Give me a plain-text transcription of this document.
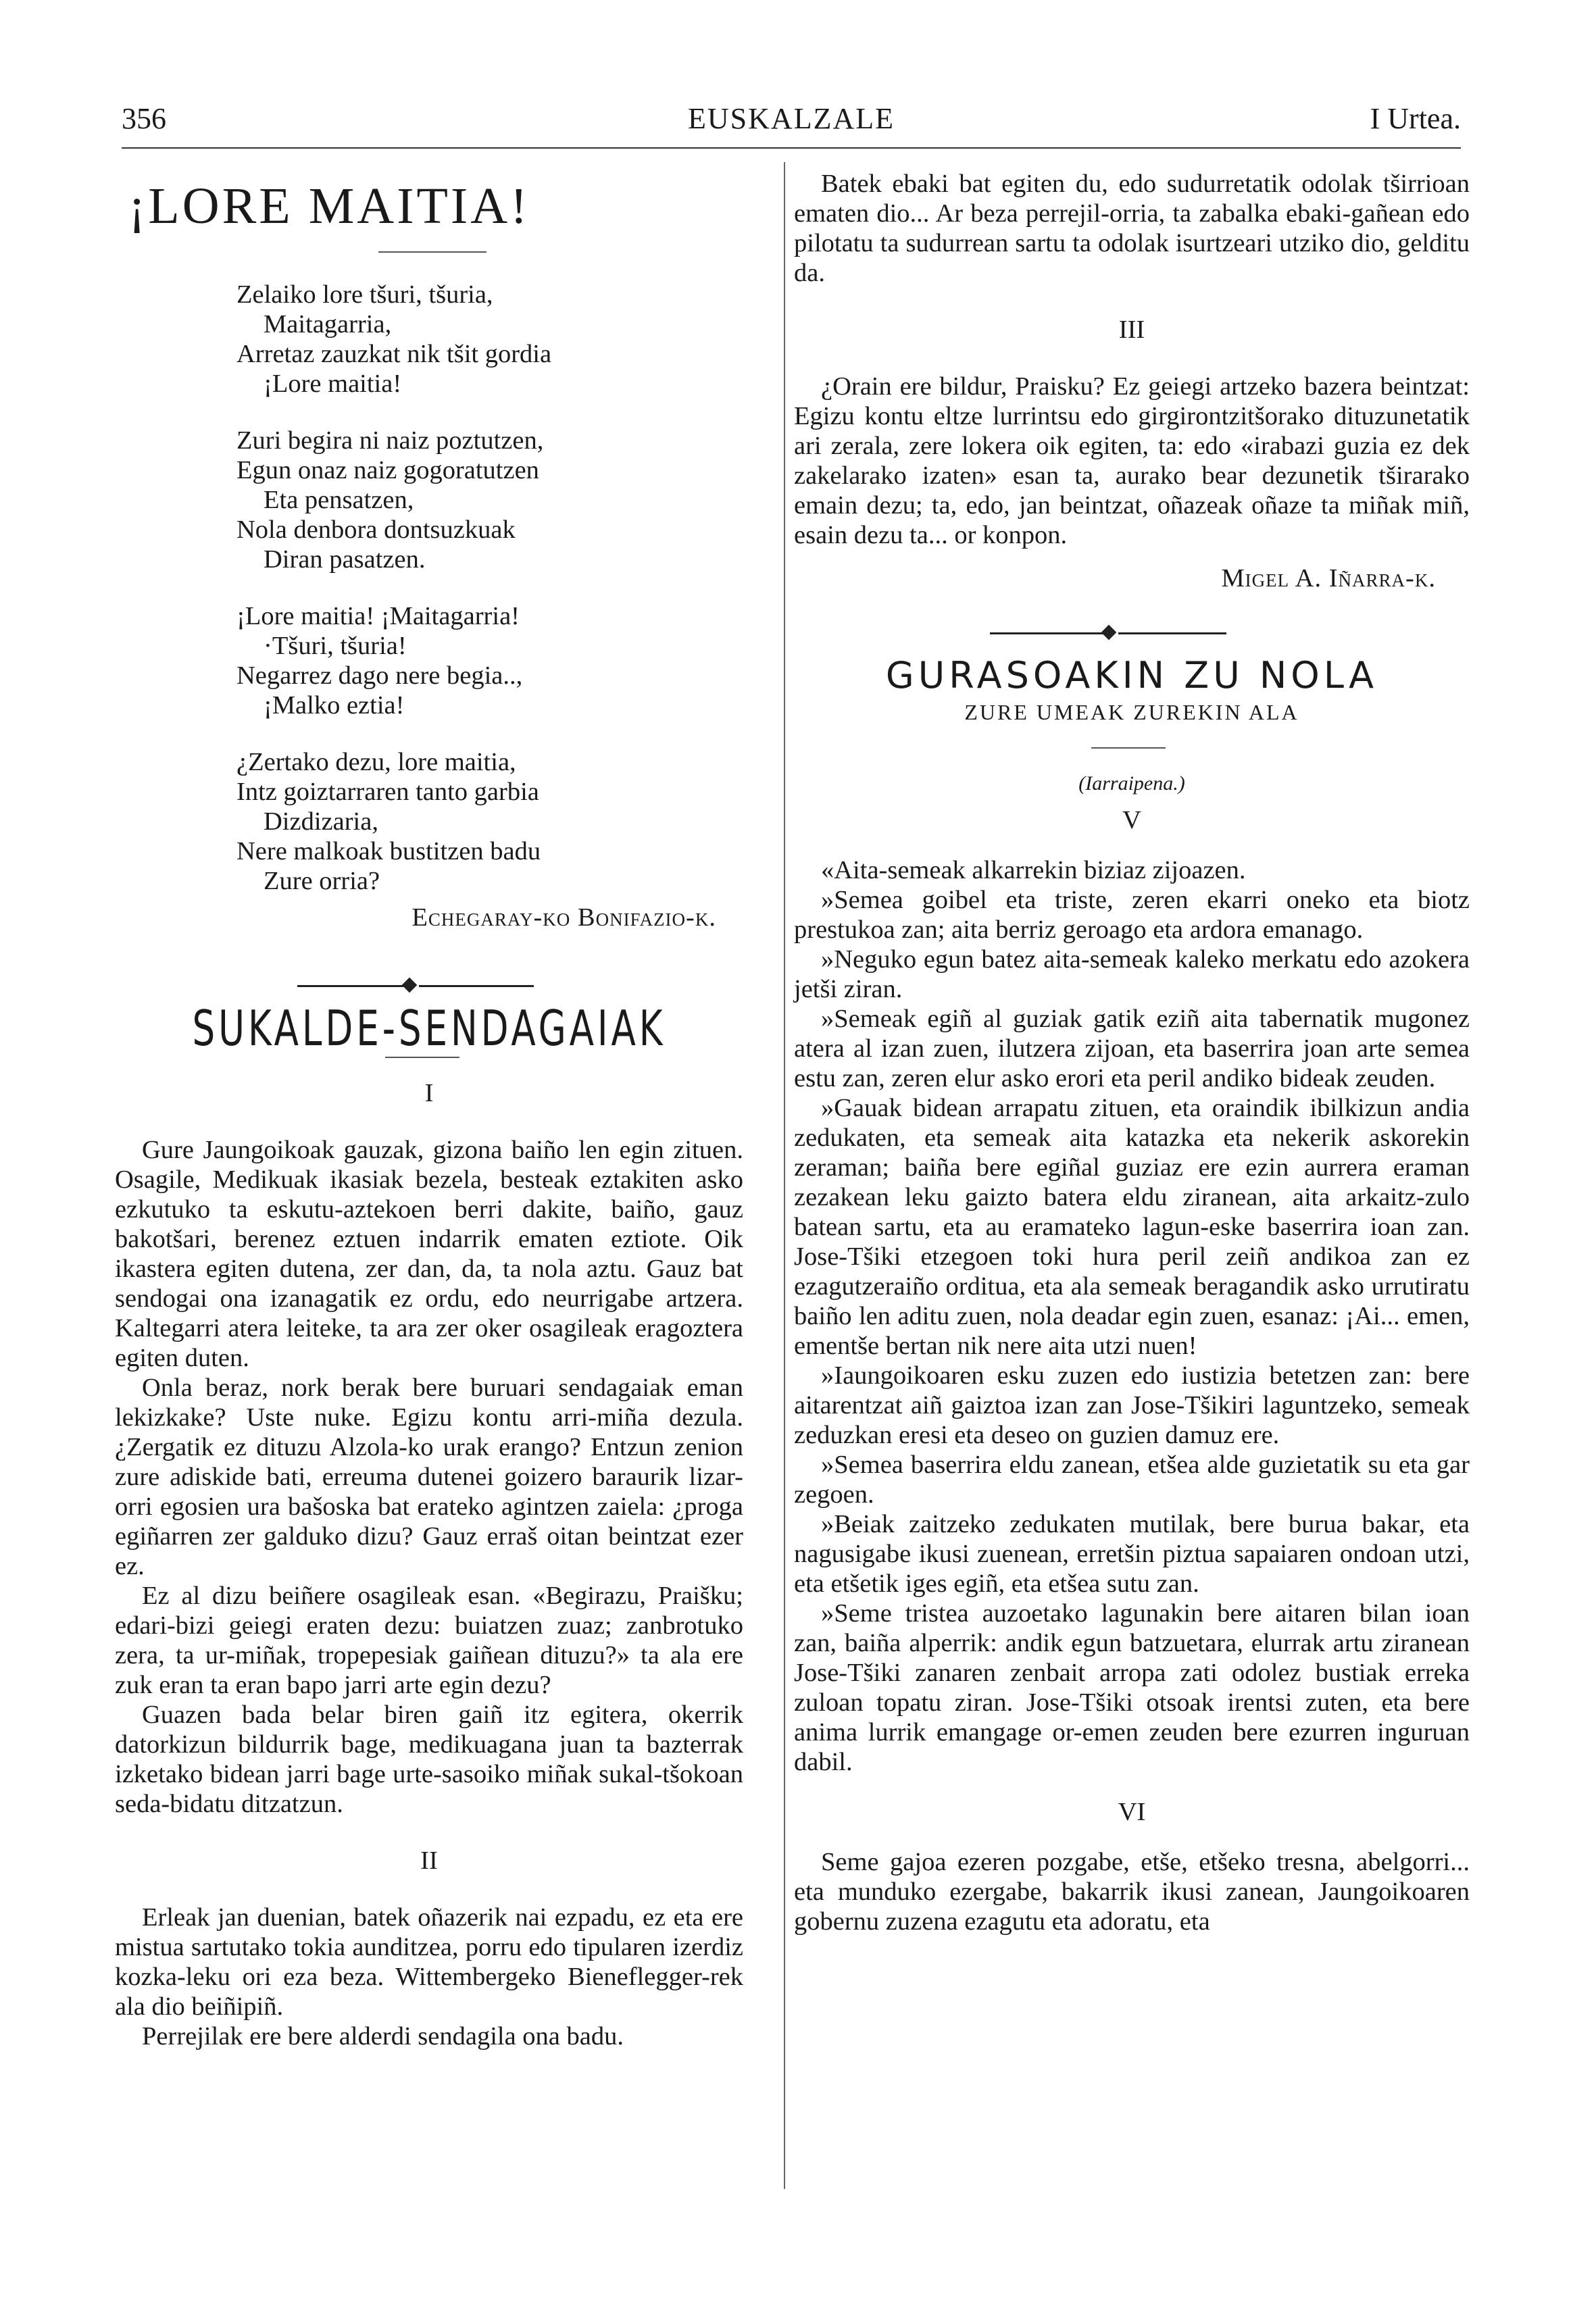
356	EUSKALZALE	I Urtea.
¡LORE MAITIA!

Zelaiko lore tšuri, tšuria,

Maitagarria,

Arretaz zauzkat nik tšit gordia

¡Lore maitia!

Zuri begira ni naiz poztutzen,

Egun onaz naiz gogoratutzen

Eta pensatzen,

Nola denbora dontsuzkuak

Diran pasatzen.

¡Lore maitia! ¡Maitagarria!

·Tšuri, tšuria!

Negarrez dago nere begia..,

¡Malko eztia!

¿Zertako dezu, lore maitia,

Intz goiztarraren tanto garbia

Dizdizaria,

Nere malkoak bustitzen badu

Zure orria?

Echegaray-ko Bonifazio-k.

SUKALDE-SENDAGAIAK

I

Gure Jaungoikoak gauzak, gizona baiño len egin zituen. Osagile, Medikuak ikasiak bezela, besteak eztakiten asko ezkutuko ta eskutu-aztekoen berri dakite, baiño, gauz bakotšari, berenez eztuen indarrik ematen eztiote. Oik ikastera egiten dutena, zer dan, da, ta nola aztu. Gauz bat sendogai ona izanagatik ez ordu, edo neurrigabe artzera. Kaltegarri atera leiteke, ta ara zer oker osagileak eragoztera egiten duten.

Onla beraz, nork berak bere buruari sendagaiak eman lekizkake? Uste nuke. Egizu kontu arri-miña dezula. ¿Zergatik ez dituzu Alzola-ko urak erango? Entzun zenion zure adiskide bati, erreuma dutenei goizero baraurik lizar-orri egosien ura bašoska bat erateko agintzen zaiela: ¿proga egiñarren zer galduko dizu? Gauz erraš oitan beintzat ezer ez.

Ez al dizu beiñere osagileak esan. «Begirazu, Praišku; edari-bizi geiegi eraten dezu: buiatzen zuaz; zanbrotuko zera, ta ur-miñak, tropepesiak gaiñean dituzu?» ta ala ere zuk eran ta eran bapo jarri arte egin dezu?

Guazen bada belar biren gaiñ itz egitera, okerrik datorkizun bildurrik bage, medikuagana juan ta bazterrak izketako bidean jarri bage urte-sasoiko miñak sukal-tšokoan seda-bidatu ditzatzun.

II

Erleak jan duenian, batek oñazerik nai ezpadu, ez eta ere mistua sartutako tokia aunditzea, porru edo tipularen izerdiz kozka-leku ori eza beza. Wittembergeko Bieneflegger-rek ala dio beiñipiñ.

Perrejilak ere bere alderdi sendagila ona badu.

Batek ebaki bat egiten du, edo sudurretatik odolak tširrioan ematen dio... Ar beza perrejil-orria, ta zabalka ebaki-gañean edo pilotatu ta sudurrean sartu ta odolak isurtzeari utziko dio, gelditu da.

III

¿Orain ere bildur, Praisku? Ez geiegi artzeko bazera beintzat: Egizu kontu eltze lurrintsu edo girgirontzitšorako dituzunetatik ari zerala, zere lokera oik egiten, ta: edo «irabazi guzia ez dek zakelarako izaten» esan ta, aurako bear dezunetik tširarako emain dezu; ta, edo, jan beintzat, oñazeak oñaze ta miñak miñ, esain dezu ta... or konpon.

Migel A. Iñarra-k.

GURASOAKIN ZU NOLA
ZURE UMEAK ZUREKIN ALA

(Iarraipena.)

V

«Aita-semeak alkarrekin biziaz zijoazen.

»Semea goibel eta triste, zeren ekarri oneko eta biotz prestukoa zan; aita berriz geroago eta ardora emanago.

»Neguko egun batez aita-semeak kaleko merkatu edo azokera jetši ziran.

»Semeak egiñ al guziak gatik eziñ aita tabernatik mugonez atera al izan zuen, ilutzera zijoan, eta baserrira joan arte semea estu zan, zeren elur asko erori eta peril andiko bideak zeuden.

»Gauak bidean arrapatu zituen, eta oraindik ibilkizun andia zedukaten, eta semeak aita katazka eta nekerik askorekin zeraman; baiña bere egiñal guziaz ere ezin aurrera eraman zezakean leku gaizto batera eldu ziranean, aita arkaitz-zulo batean sartu, eta au eramateko lagun-eske baserrira ioan zan. Jose-Tšiki etzegoen toki hura peril zeiñ andikoa zan ez ezagutzeraiño orditua, eta ala semeak beragandik asko urrutiratu baiño len aditu zuen, nola deadar egin zuen, esanaz: ¡Ai... emen, ementše bertan nik nere aita utzi nuen!

»Iaungoikoaren esku zuzen edo iustizia betetzen zan: bere aitarentzat aiñ gaiztoa izan zan Jose-Tšikiri laguntzeko, semeak zeduzkan eresi eta deseo on guzien damuz ere.

»Semea baserrira eldu zanean, etšea alde guzietatik su eta gar zegoen.

»Beiak zaitzeko zedukaten mutilak, bere burua bakar, eta nagusigabe ikusi zuenean, erretšin piztua sapaiaren ondoan utzi, eta etšetik iges egiñ, eta etšea sutu zan.

»Seme tristea auzoetako lagunakin bere aitaren bilan ioan zan, baiña alperrik: andik egun batzuetara, elurrak artu ziranean Jose-Tšiki zanaren zenbait arropa zati odolez bustiak erreka zuloan topatu ziran. Jose-Tšiki otsoak irentsi zuten, eta bere anima lurrik emangage or-emen zeuden bere ezurren inguruan dabil.

VI

Seme gajoa ezeren pozgabe, etše, etšeko tresna, abelgorri... eta munduko ezergabe, bakarrik ikusi zanean, Jaungoikoaren gobernu zuzena ezagutu eta adoratu, eta
